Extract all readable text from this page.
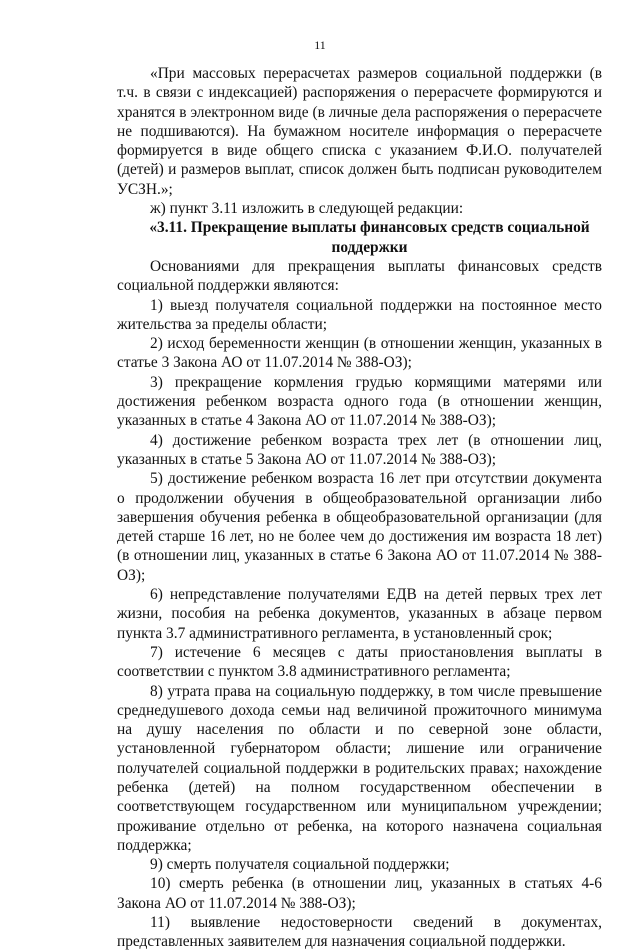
11

«При массовых перерасчетах размеров социальной поддержки (в т.ч. в связи с индексацией) распоряжения о перерасчете формируются и хранятся в электронном виде (в личные дела распоряжения о перерасчете не подшиваются). На бумажном носителе информация о перерасчете формируется в виде общего списка с указанием Ф.И.О. получателей (детей) и размеров выплат, список должен быть подписан руководителем УСЗН.»;

ж) пункт 3.11 изложить в следующей редакции:

«3.11. Прекращение выплаты финансовых средств социальной поддержки

Основаниями для прекращения выплаты финансовых средств социальной поддержки являются:

1) выезд получателя социальной поддержки на постоянное место жительства за пределы области;

2) исход беременности женщин (в отношении женщин, указанных в статье 3 Закона АО от 11.07.2014 № 388-ОЗ);

3) прекращение кормления грудью кормящими матерями или достижения ребенком возраста одного года (в отношении женщин, указанных в статье 4 Закона АО от 11.07.2014 № 388-ОЗ);

4) достижение ребенком возраста трех лет (в отношении лиц, указанных в статье 5 Закона АО от 11.07.2014 № 388-ОЗ);

5) достижение ребенком возраста 16 лет при отсутствии документа о продолжении обучения в общеобразовательной организации либо завершения обучения ребенка в общеобразовательной организации (для детей старше 16 лет, но не более чем до достижения им возраста 18 лет) (в отношении лиц, указанных в статье 6 Закона АО от 11.07.2014 № 388-ОЗ);

6) непредставление получателями ЕДВ на детей первых трех лет жизни, пособия на ребенка документов, указанных в абзаце первом пункта 3.7 административного регламента, в установленный срок;

7) истечение 6 месяцев с даты приостановления выплаты в соответствии с пунктом 3.8 административного регламента;

8) утрата права на социальную поддержку, в том числе превышение среднедушевого дохода семьи над величиной прожиточного минимума на душу населения по области и по северной зоне области, установленной губернатором области; лишение или ограничение получателей социальной поддержки в родительских правах; нахождение ребенка (детей) на полном государственном обеспечении в соответствующем государственном или муниципальном учреждении; проживание отдельно от ребенка, на которого назначена социальная поддержка;

9) смерть получателя социальной поддержки;

10) смерть ребенка (в отношении лиц, указанных в статьях 4-6 Закона АО от 11.07.2014 № 388-ОЗ);

11) выявление недостоверности сведений в документах, представленных заявителем для назначения социальной поддержки.
